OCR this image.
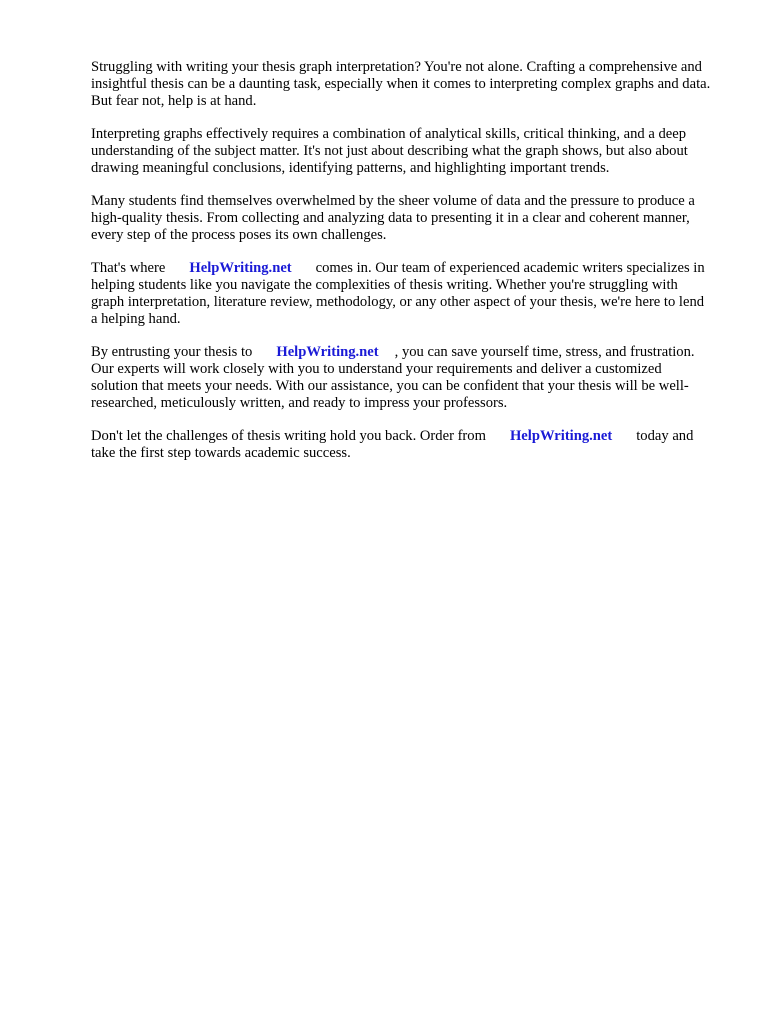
Struggling with writing your thesis graph interpretation? You're not alone. Crafting a comprehensive and insightful thesis can be a daunting task, especially when it comes to interpreting complex graphs and data. But fear not, help is at hand.

Interpreting graphs effectively requires a combination of analytical skills, critical thinking, and a deep understanding of the subject matter. It's not just about describing what the graph shows, but also about drawing meaningful conclusions, identifying patterns, and highlighting important trends.

Many students find themselves overwhelmed by the sheer volume of data and the pressure to produce a high-quality thesis. From collecting and analyzing data to presenting it in a clear and coherent manner, every step of the process poses its own challenges.

That's where HelpWriting.net comes in. Our team of experienced academic writers specializes in helping students like you navigate the complexities of thesis writing. Whether you're struggling with graph interpretation, literature review, methodology, or any other aspect of your thesis, we're here to lend a helping hand.

By entrusting your thesis to HelpWriting.net , you can save yourself time, stress, and frustration. Our experts will work closely with you to understand your requirements and deliver a customized solution that meets your needs. With our assistance, you can be confident that your thesis will be well-researched, meticulously written, and ready to impress your professors.

Don't let the challenges of thesis writing hold you back. Order from HelpWriting.net today and take the first step towards academic success.
